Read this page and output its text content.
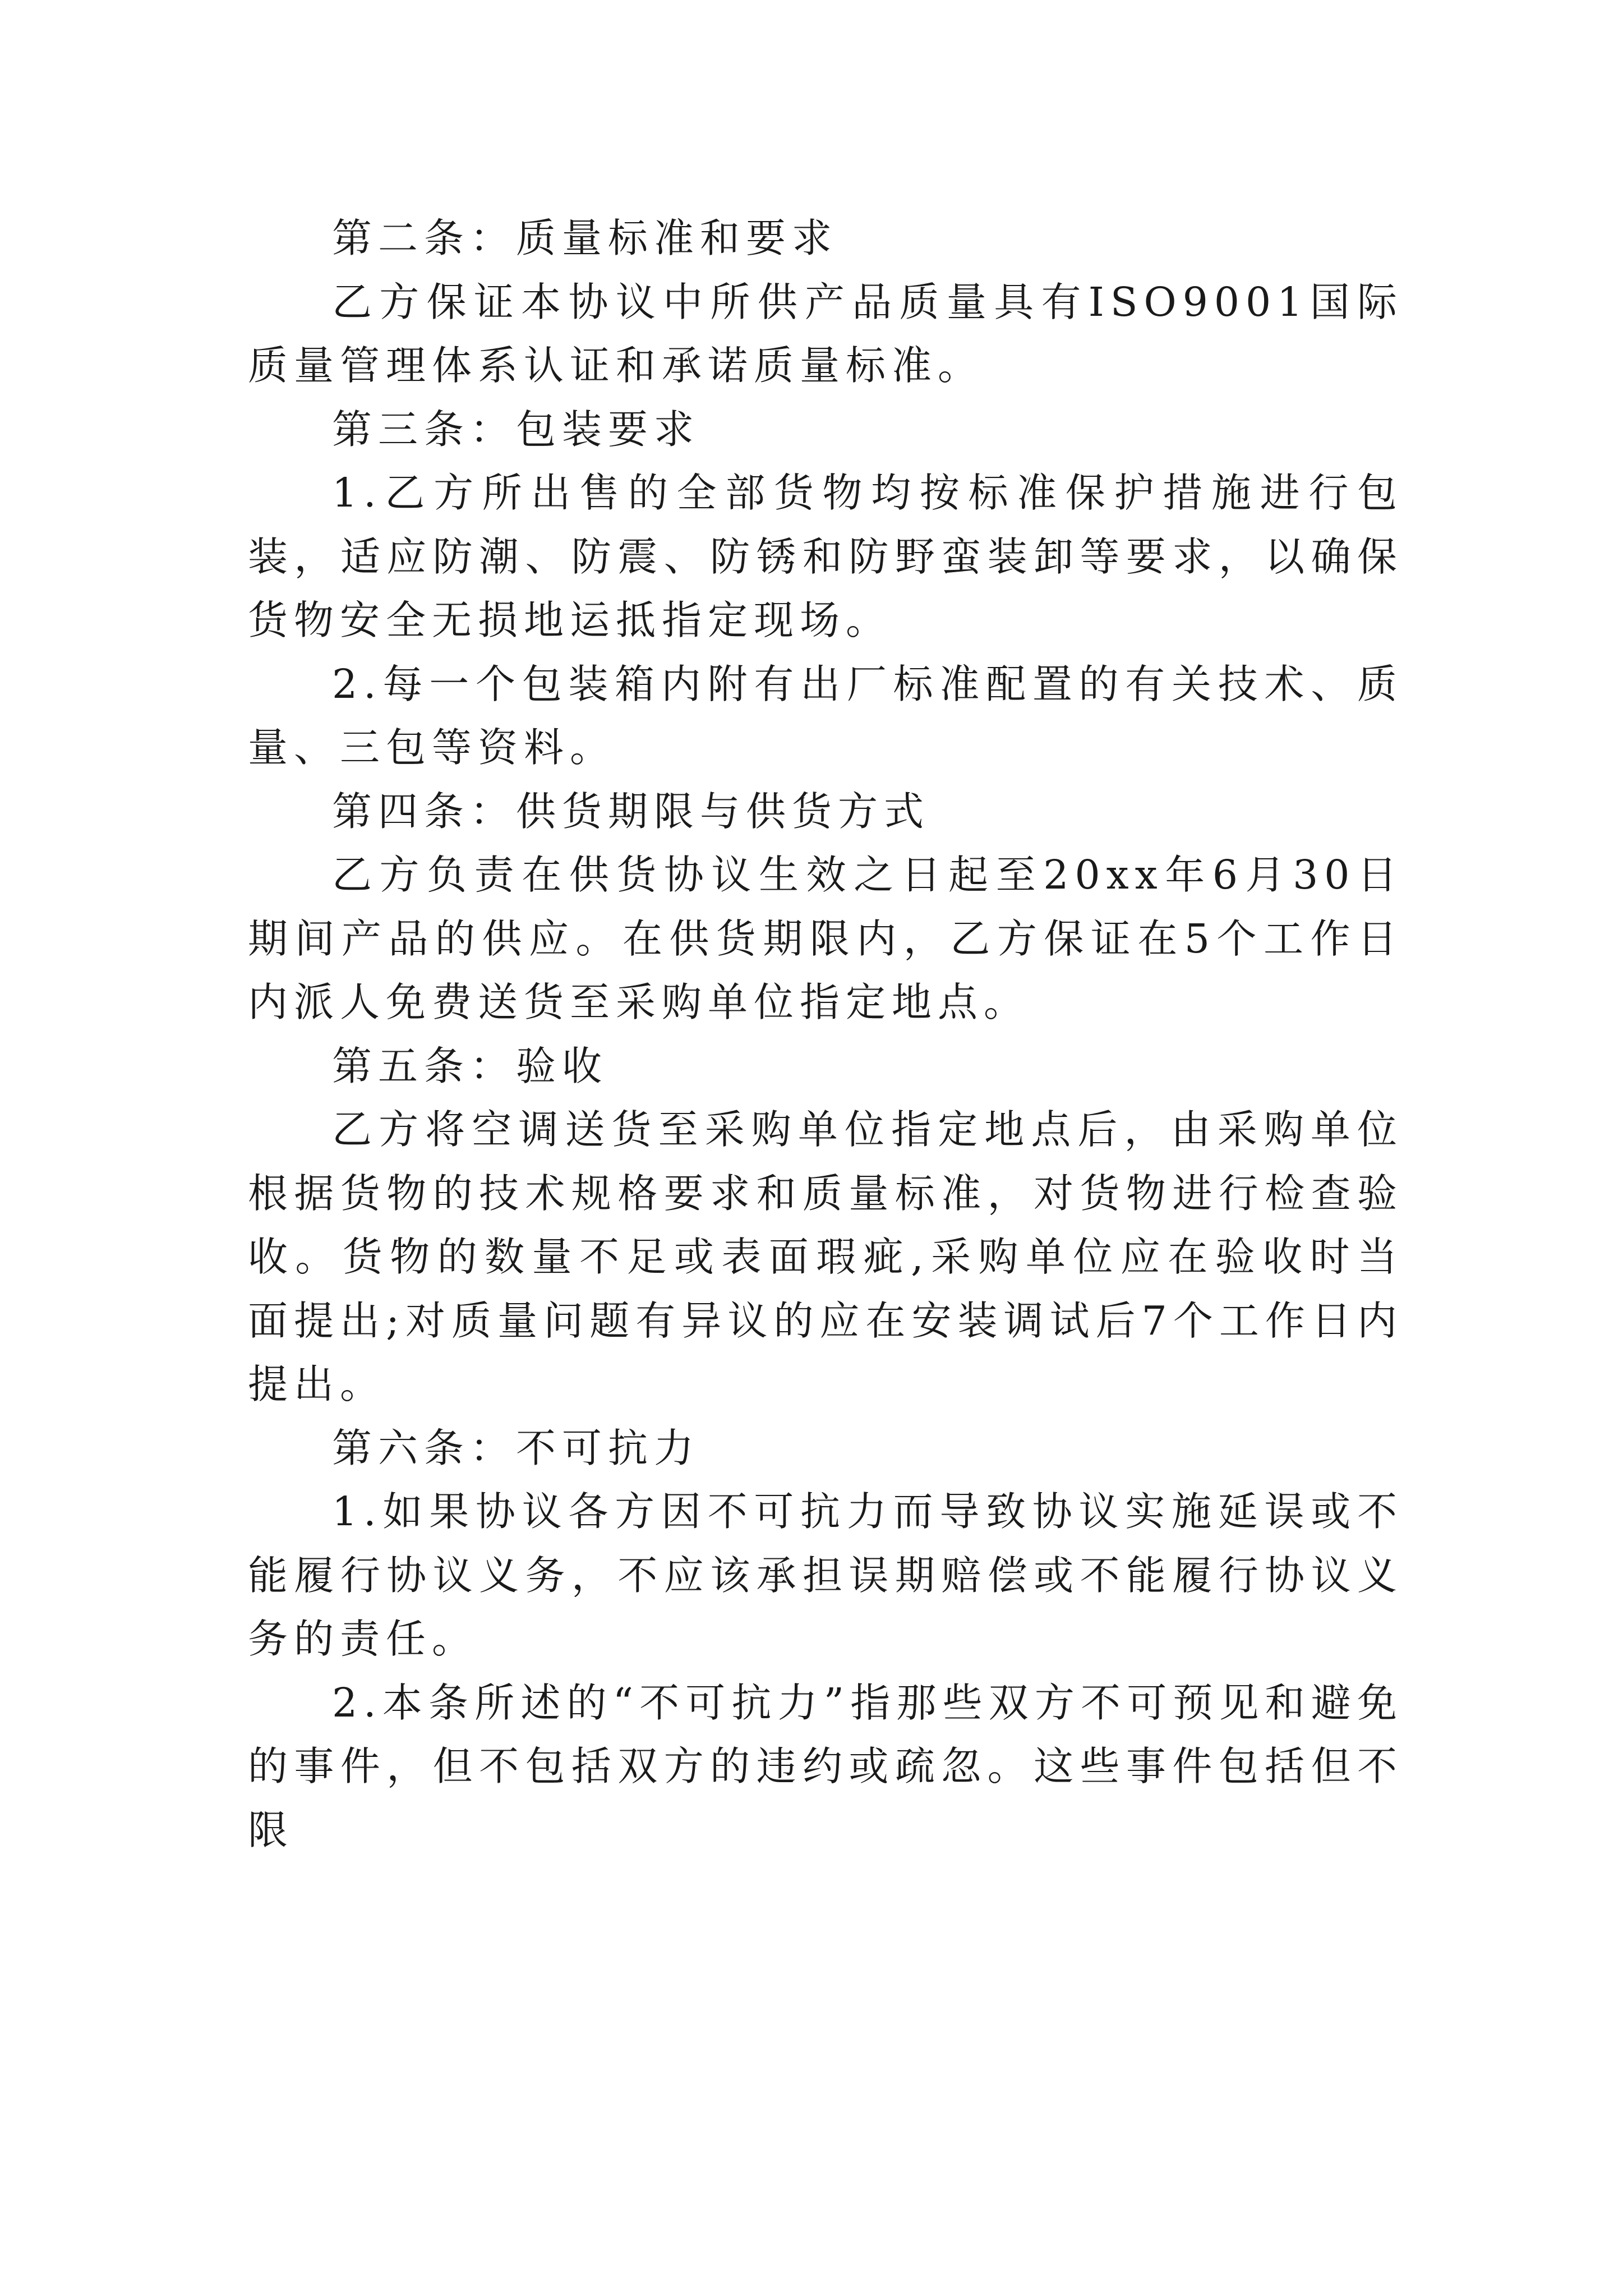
第二条：质量标准和要求

乙方保证本协议中所供产品质量具有ISO9001国际质量管理体系认证和承诺质量标准。

第三条：包装要求

1.乙方所出售的全部货物均按标准保护措施进行包装，适应防潮、防震、防锈和防野蛮装卸等要求，以确保货物安全无损地运抵指定现场。

2.每一个包装箱内附有出厂标准配置的有关技术、质量、三包等资料。

第四条：供货期限与供货方式

乙方负责在供货协议生效之日起至20xx年6月30日期间产品的供应。在供货期限内，乙方保证在5个工作日内派人免费送货至采购单位指定地点。

第五条：验收

乙方将空调送货至采购单位指定地点后，由采购单位根据货物的技术规格要求和质量标准，对货物进行检查验收。货物的数量不足或表面瑕疵,采购单位应在验收时当面提出;对质量问题有异议的应在安装调试后7个工作日内提出。

第六条：不可抗力

1.如果协议各方因不可抗力而导致协议实施延误或不能履行协议义务，不应该承担误期赔偿或不能履行协议义务的责任。

2.本条所述的“不可抗力”指那些双方不可预见和避免的事件，但不包括双方的违约或疏忽。这些事件包括但不限
